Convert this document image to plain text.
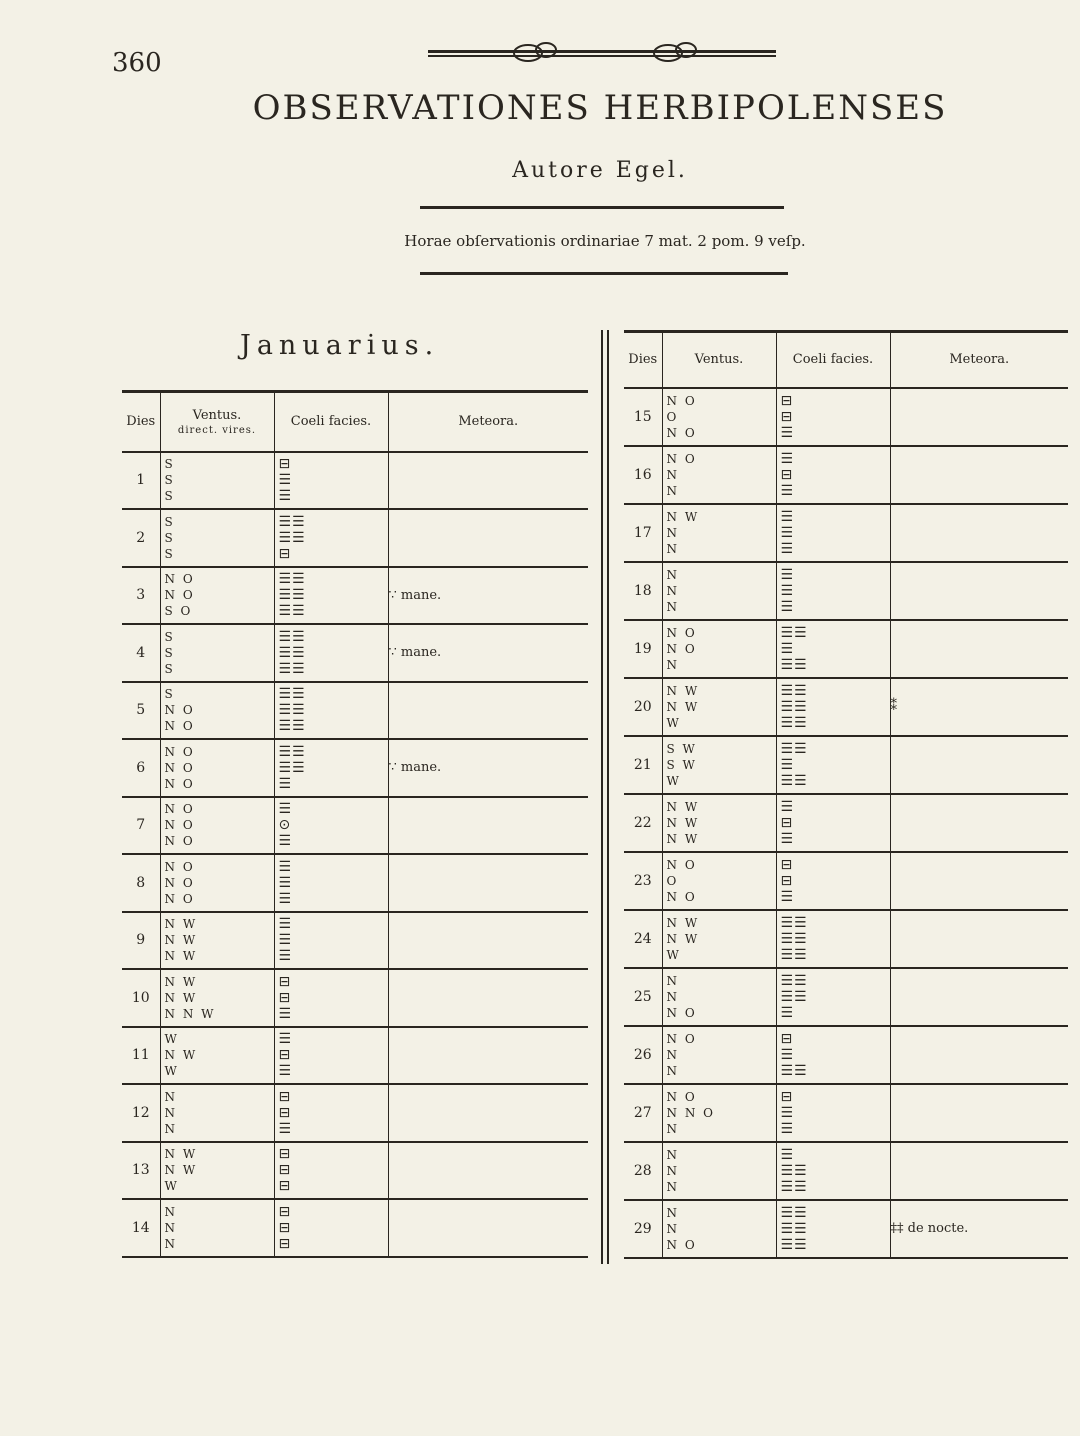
360
OBSERVATIONES HERBIPOLENSES
Autore Egel.
Horae obſervationis ordinariae 7 mat. 2 pom. 9 veſp.
Januarius.
Dies	Ventus.
direct. vires.	Coeli facies.	Meteora.
1	S
S
S	⊟
☰
☰	

2	S
S
S	☰☰
☰☰
⊟	

3	N O
N O
S O	☰☰
☰☰
☰☰	∵ mane.
4	S
S
S	☰☰
☰☰
☰☰	∵ mane.
5	S
N O
N O	☰☰
☰☰
☰☰	

6	N O
N O
N O	☰☰
☰☰
☰	∵ mane.
7	N O
N O
N O	☰
⊙
☰	

8	N O
N O
N O	☰
☰
☰	

9	N W
N W
N W	☰
☰
☰	

10	N W
N W
N N W	⊟
⊟
☰	

11	W
N W
W	☰
⊟
☰	

12	N
N
N	⊟
⊟
☰	

13	N W
N W
W	⊟
⊟
⊟	

14	N
N
N	⊟
⊟
⊟	

Dies	Ventus.	Coeli facies.	Meteora.
15	N O
O
N O	⊟
⊟
☰	

16	N O
N
N	☰
⊟
☰	

17	N W
N
N	☰
☰
☰	

18	N
N
N	☰
☰
☰	

19	N O
N O
N	☰☰
☰
☰☰	

20	N W
N W
W	☰☰
☰☰
☰☰	⁑
21	S W
S W
W	☰☰
☰
☰☰	

22	N W
N W
N W	☰
⊟
☰	

23	N O
O
N O	⊟
⊟
☰	

24	N W
N W
W	☰☰
☰☰
☰☰	

25	N
N
N O	☰☰
☰☰
☰	

26	N O
N
N	⊟
☰
☰☰	

27	N O
N N O
N	⊟
☰
☰	

28	N
N
N	☰
☰☰
☰☰	

29	N
N
N O	☰☰
☰☰
☰☰	‡‡ de nocte.
